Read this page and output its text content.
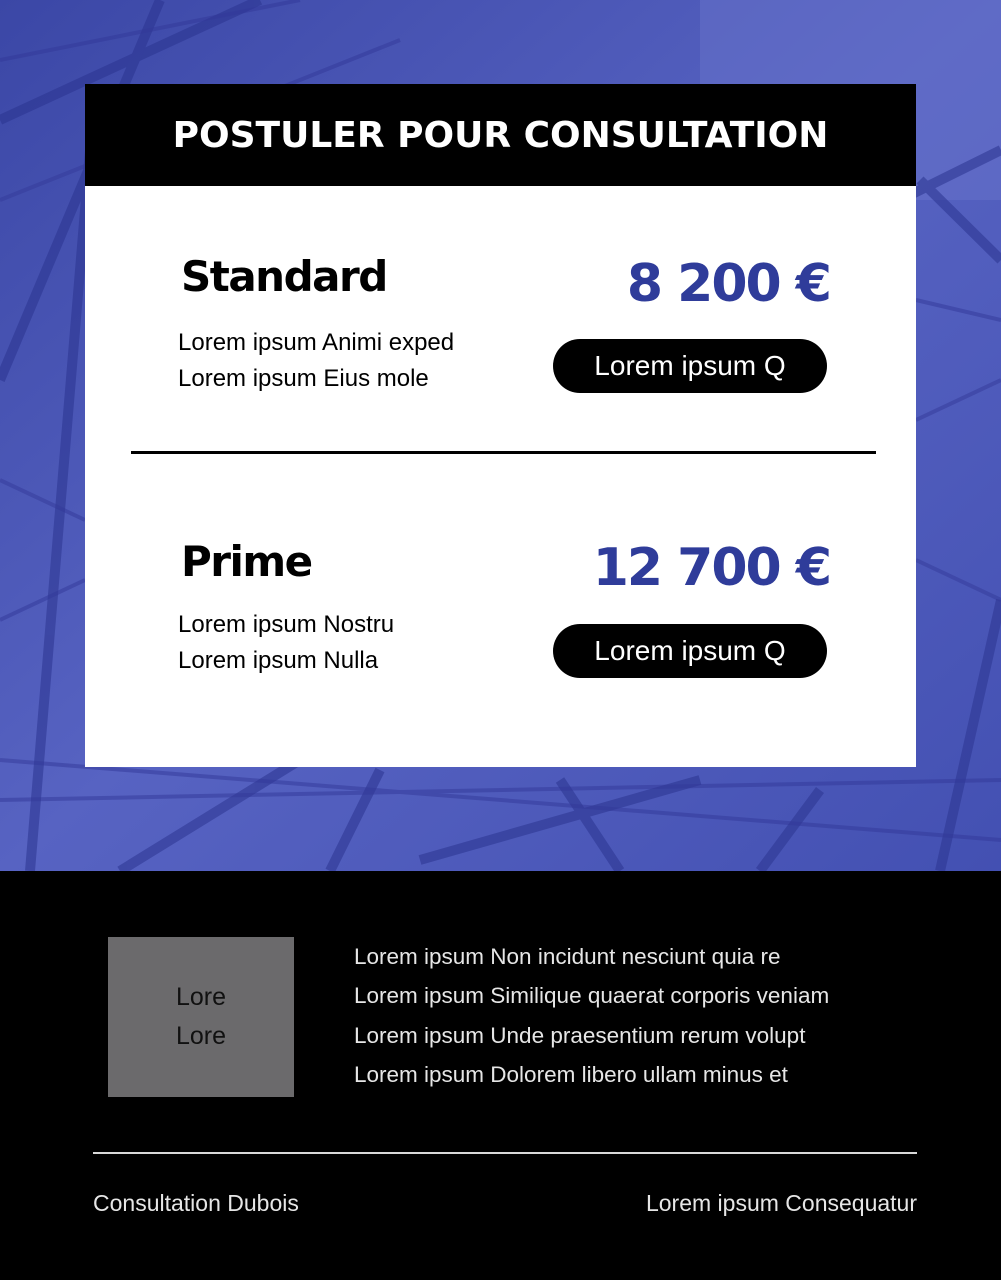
POSTULER POUR CONSULTATION
Standard	8 200 €
Lorem ipsum Animi exped
Lorem ipsum Eius mole	Lorem ipsum Q
Prime	12 700 €
Lorem ipsum Nostru
Lorem ipsum Nulla	Lorem ipsum Q
Lore
Lore
Lorem ipsum Non incidunt nesciunt quia re
Lorem ipsum Similique quaerat corporis veniam
Lorem ipsum Unde praesentium rerum volupt
Lorem ipsum Dolorem libero ullam minus et
Consultation Dubois	Lorem ipsum Consequatur
